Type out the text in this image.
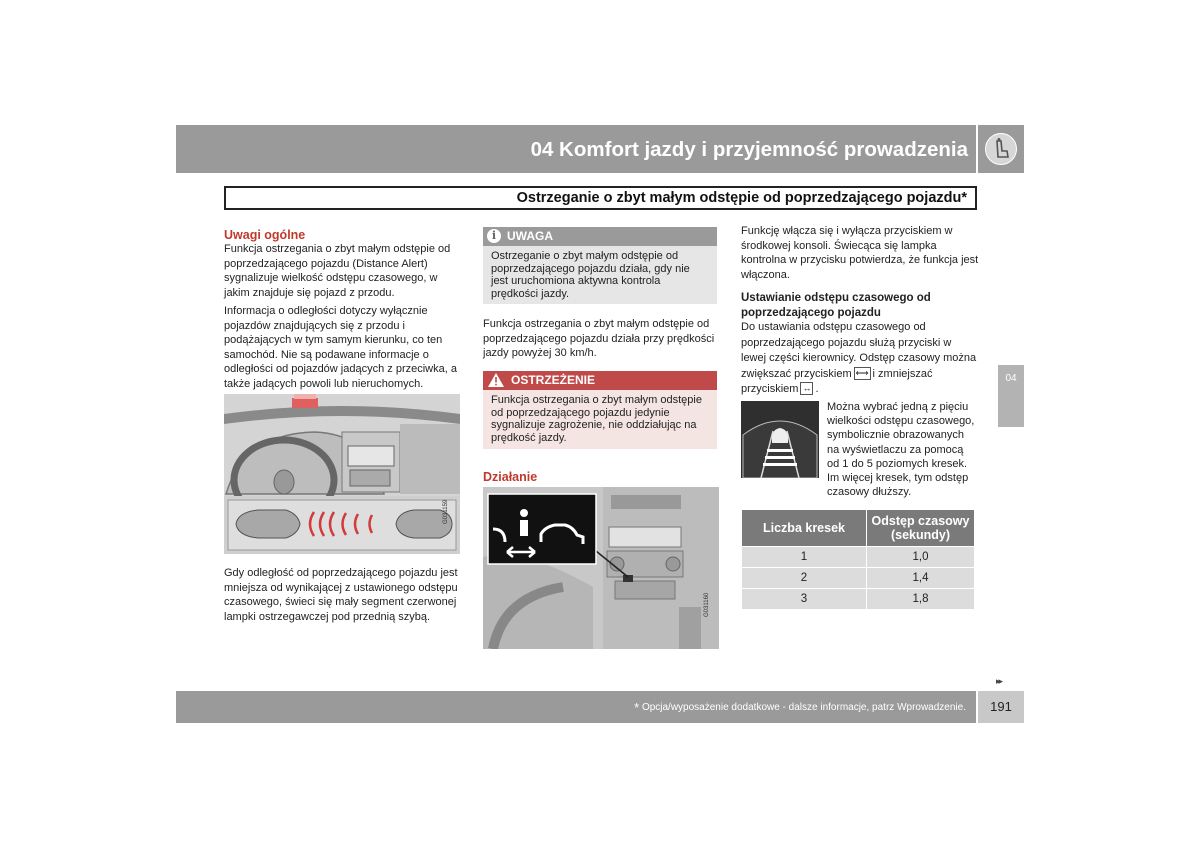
04 Komfort jazdy i przyjemność prowadzenia
Ostrzeganie o zbyt małym odstępie od poprzedzającego pojazdu*
04
Uwagi ogólne
Funkcja ostrzegania o zbyt małym odstępie od poprzedzającego pojazdu (Distance Alert) sygnalizuje wielkość odstępu czasowego, w jakim znajduje się pojazd z przodu.
Informacja o odległości dotyczy wyłącznie pojazdów znajdujących się z przodu i podążających w tym samym kierunku, co ten samochód. Nie są podawane informacje o odległości od pojazdów jadących z przeciwka, a także jadących powoli lub nieruchomych.
G031159
Gdy odległość od poprzedzającego pojazdu jest mniejsza od wynikającej z ustawionego odstępu czasowego, świeci się mały segment czerwonej lampki ostrzegawczej pod przednią szybą.
i UWAGA
Ostrzeganie o zbyt małym odstępie od poprzedzającego pojazdu działa, gdy nie jest uruchomiona aktywna kontrola prędkości jazdy.
Funkcja ostrzegania o zbyt małym odstępie od poprzedzającego pojazdu działa przy prędkości jazdy powyżej 30 km/h.
OSTRZEŻENIE
Funkcja ostrzegania o zbyt małym odstępie od poprzedzającego pojazdu jedynie sygnalizuje zagrożenie, nie oddziałując na prędkość jazdy.
Działanie
G031160
Funkcję włącza się i wyłącza przyciskiem w środkowej konsoli. Świecąca się lampka kontrolna w przycisku potwierdza, że funkcja jest włączona.
Ustawianie odstępu czasowego od poprzedzającego pojazdu
Do ustawiania odstępu czasowego od poprzedzającego pojazdu służą przyciski w lewej części kierownicy. Odstęp czasowy można zwiększać przyciskiem ⟷ i zmniejszać przyciskiem ↔ .
Można wybrać jedną z pięciu wielkości odstępu czasowego, symbolicznie obrazowanych na wyświetlaczu za pomocą od 1 do 5 poziomych kresek. Im więcej kresek, tym odstęp czasowy dłuższy.
Liczba kresek	Odstęp czasowy (sekundy)
1	1,0
2	1,4
3	1,8
▸▸
* Opcja/wyposażenie dodatkowe - dalsze informacje, patrz Wprowadzenie.	191
